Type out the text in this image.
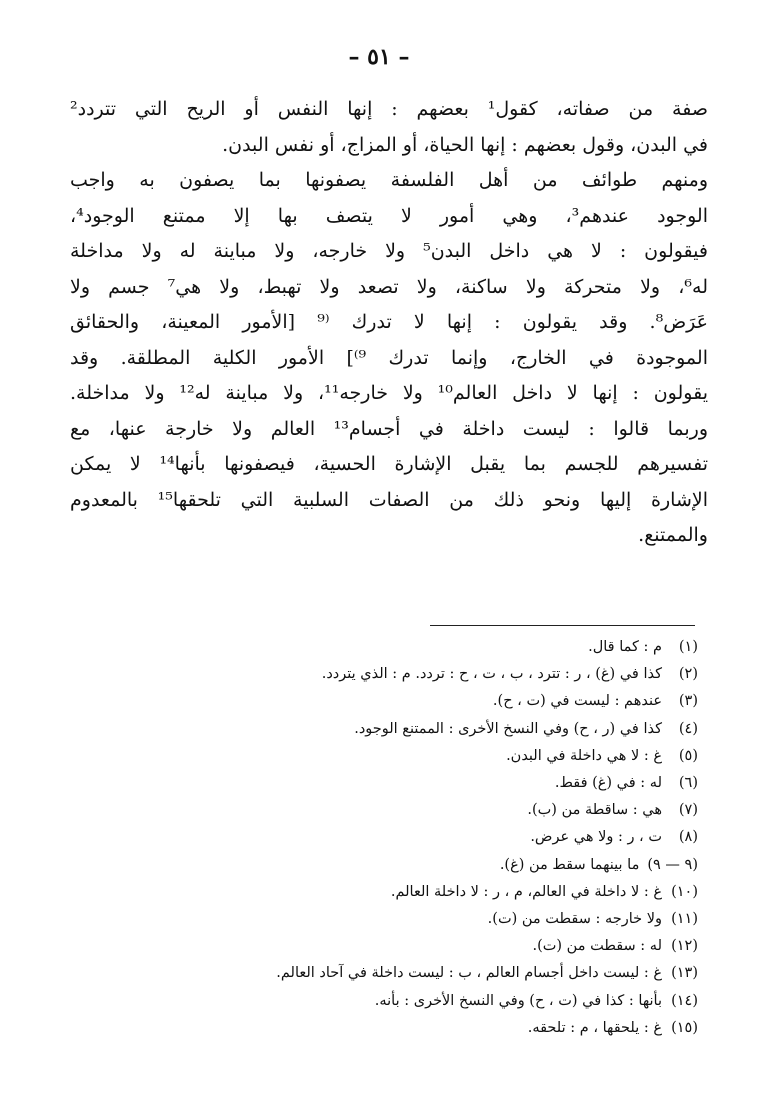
– ٥١ –
صفة من صفاته، كقول¹ بعضهم : إنها النفس أو الريح التي تتردد²
في البدن، وقول بعضهم : إنها الحياة، أو المزاج، أو نفس البدن.
ومنهم طوائف من أهل الفلسفة يصفونها بما يصفون به واجب
الوجود عندهم³، وهي أمور لا يتصف بها إلا ممتنع الوجود⁴،
فيقولون : لا هي داخل البدن⁵ ولا خارجه، ولا مباينة له ولا مداخلة
له⁶، ولا متحركة ولا ساكنة، ولا تصعد ولا تهبط، ولا هي⁷ جسم ولا
عَرَض⁸. وقد يقولون : إنها لا تدرك ⁽⁹ [الأمور المعينة، والحقائق
الموجودة في الخارج، وإنما تدرك ⁹⁾] الأمور الكلية المطلقة. وقد
يقولون : إنها لا داخل العالم¹⁰ ولا خارجه¹¹، ولا مباينة له¹² ولا مداخلة.
وربما قالوا : ليست داخلة في أجسام¹³ العالم ولا خارجة عنها، مع
تفسيرهم للجسم بما يقبل الإشارة الحسية، فيصفونها بأنها¹⁴ لا يمكن
الإشارة إليها ونحو ذلك من الصفات السلبية التي تلحقها¹⁵ بالمعدوم
والممتنع.
(١)
م : كما قال.
(٢)
كذا في (غ) ، ر : تترد ، ب ، ت ، ح : تردد. م : الذي يتردد.
(٣)
عندهم : ليست في (ت ، ح).
(٤)
كذا في (ر ، ح) وفي النسخ الأخرى : الممتنع الوجود.
(٥)
غ : لا هي داخلة في البدن.
(٦)
له : في (غ) فقط.
(٧)
هي : ساقطة من (ب).
(٨)
ت ، ر : ولا هي عرض.
(٩ — ٩)
ما بينهما سقط من (غ).
(١٠)
غ : لا داخلة في العالم، م ، ر : لا داخلة العالم.
(١١)
ولا خارجه : سقطت من (ت).
(١٢)
له : سقطت من (ت).
(١٣)
غ : ليست داخل أجسام العالم ، ب : ليست داخلة في آحاد العالم.
(١٤)
بأنها : كذا في (ت ، ح) وفي النسخ الأخرى : بأنه.
(١٥)
غ : يلحقها ، م : تلحقه.
